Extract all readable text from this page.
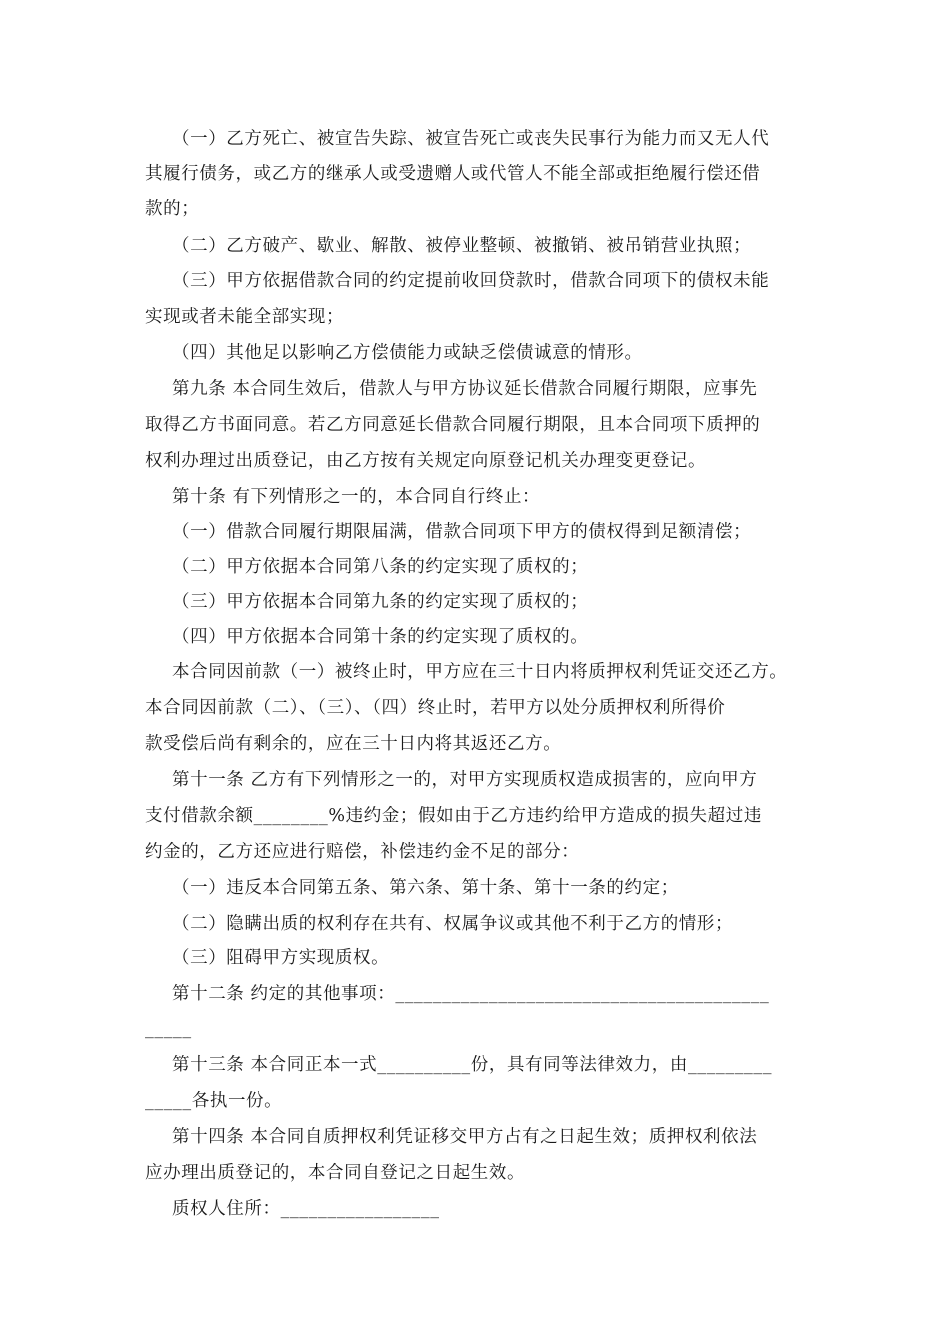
（一）乙方死亡、被宣告失踪、被宣告死亡或丧失民事行为能力而又无人代
其履行债务，或乙方的继承人或受遗赠人或代管人不能全部或拒绝履行偿还借
款的；
（二）乙方破产、歇业、解散、被停业整顿、被撤销、被吊销营业执照；
（三）甲方依据借款合同的约定提前收回贷款时，借款合同项下的债权未能
实现或者未能全部实现；
（四）其他足以影响乙方偿债能力或缺乏偿债诚意的情形。
第九条 本合同生效后，借款人与甲方协议延长借款合同履行期限，应事先
取得乙方书面同意。若乙方同意延长借款合同履行期限，且本合同项下质押的
权利办理过出质登记，由乙方按有关规定向原登记机关办理变更登记。
第十条 有下列情形之一的，本合同自行终止：
（一）借款合同履行期限届满，借款合同项下甲方的债权得到足额清偿；
（二）甲方依据本合同第八条的约定实现了质权的；
（三）甲方依据本合同第九条的约定实现了质权的；
（四）甲方依据本合同第十条的约定实现了质权的。
本合同因前款（一）被终止时，甲方应在三十日内将质押权利凭证交还乙方。
本合同因前款（二）、（三）、（四）终止时，若甲方以处分质押权利所得价
款受偿后尚有剩余的，应在三十日内将其返还乙方。
第十一条 乙方有下列情形之一的，对甲方实现质权造成损害的，应向甲方
支付借款余额________%违约金；假如由于乙方违约给甲方造成的损失超过违
约金的，乙方还应进行赔偿，补偿违约金不足的部分：
（一）违反本合同第五条、第六条、第十条、第十一条的约定；
（二）隐瞒出质的权利存在共有、权属争议或其他不利于乙方的情形；
（三）阻碍甲方实现质权。
第十二条 约定的其他事项：________________________________________
_____
第十三条 本合同正本一式__________份，具有同等法律效力，由_________
_____各执一份。
第十四条 本合同自质押权利凭证移交甲方占有之日起生效；质押权利依法
应办理出质登记的，本合同自登记之日起生效。
质权人住所：_________________
